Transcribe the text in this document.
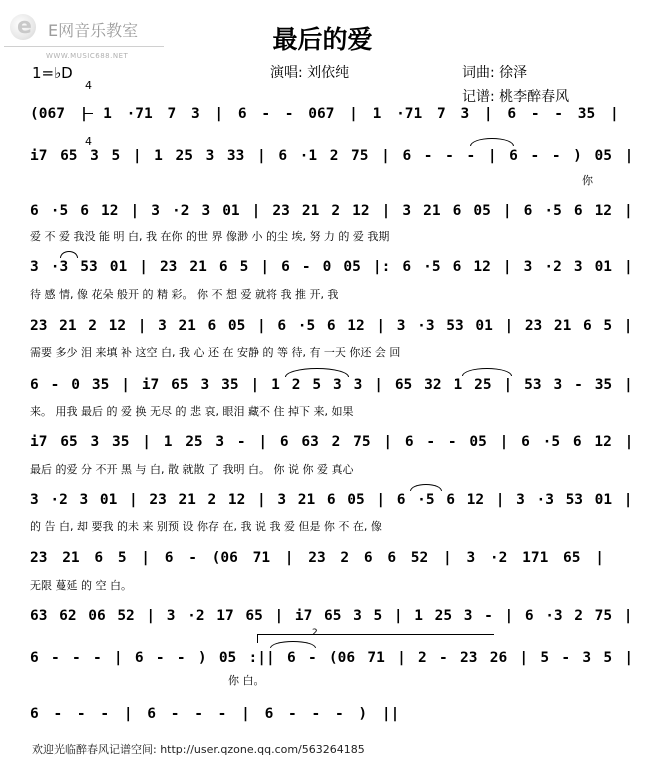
e

E网音乐教室

WWW.MUSIC688.NET

最后的爱
1=♭D

4

4

演唱: 刘依纯	词曲: 徐泽
记谱: 桃李醉春风
(067 | 1 ·71 7 3 | 6 - - 067 | 1 ·71 7 3 | 6 - - 35 |
i7 65 3 5 | 1 25 3 33 | 6 ·1 2 75 | 6 - - - | 6 - - ) 05 |
你
6 ·5 6 12 | 3 ·2 3 01 | 23 21 2 12 | 3 21 6 05 | 6 ·5 6 12 |
爱 不 爱 我没 能 明 白, 我 在你 的世 界 像渺 小 的尘 埃, 努 力 的 爱 我期
3 ·3 53 01 | 23 21 6 5 | 6 - 0 05 |: 6 ·5 6 12 | 3 ·2 3 01 |
待 感 情, 像 花朵 般开 的 精 彩。 你 不 想 爱 就将 我 推 开, 我
23 21 2 12 | 3 21 6 05 | 6 ·5 6 12 | 3 ·3 53 01 | 23 21 6 5 |
需要 多少 泪 来填 补 这空 白, 我 心 还 在 安静 的 等 待, 有 一天 你还 会 回
6 - 0 35 | i7 65 3 35 | 1 2 5 3 3 | 65 32 1 25 | 53 3 - 35 |
来。 用我 最后 的 爱 换 无尽 的 悲 哀, 眼泪 藏不 住 掉下 来, 如果
i7 65 3 35 | 1 25 3 - | 6 63 2 75 | 6 - - 05 | 6 ·5 6 12 |
最后 的爱 分 不开 黑 与 白, 散 就散 了 我明 白。 你 说 你 爱 真心
3 ·2 3 01 | 23 21 2 12 | 3 21 6 05 | 6 ·5 6 12 | 3 ·3 53 01 |
的 告 白, 却 要我 的未 来 别预 设 你存 在, 我 说 我 爱 但是 你 不 在, 像
23 21 6 5 | 6 - (06 71 | 23 2 6 6 52 | 3 ·2 171 65 |
无限 蔓延 的 空 白。
63 62 06 52 | 3 ·2 17 65 | i7 65 3 5 | 1 25 3 - | 6 ·3 2 75 |
2
6 - - - | 6 - - ) 05 :|| 6 - (06 71 | 2 - 23 26 | 5 - 3 5 |
你 白。
6 - - - | 6 - - - | 6 - - - ) ||
欢迎光临醉春风记谱空间: http://user.qzone.qq.com/563264185
